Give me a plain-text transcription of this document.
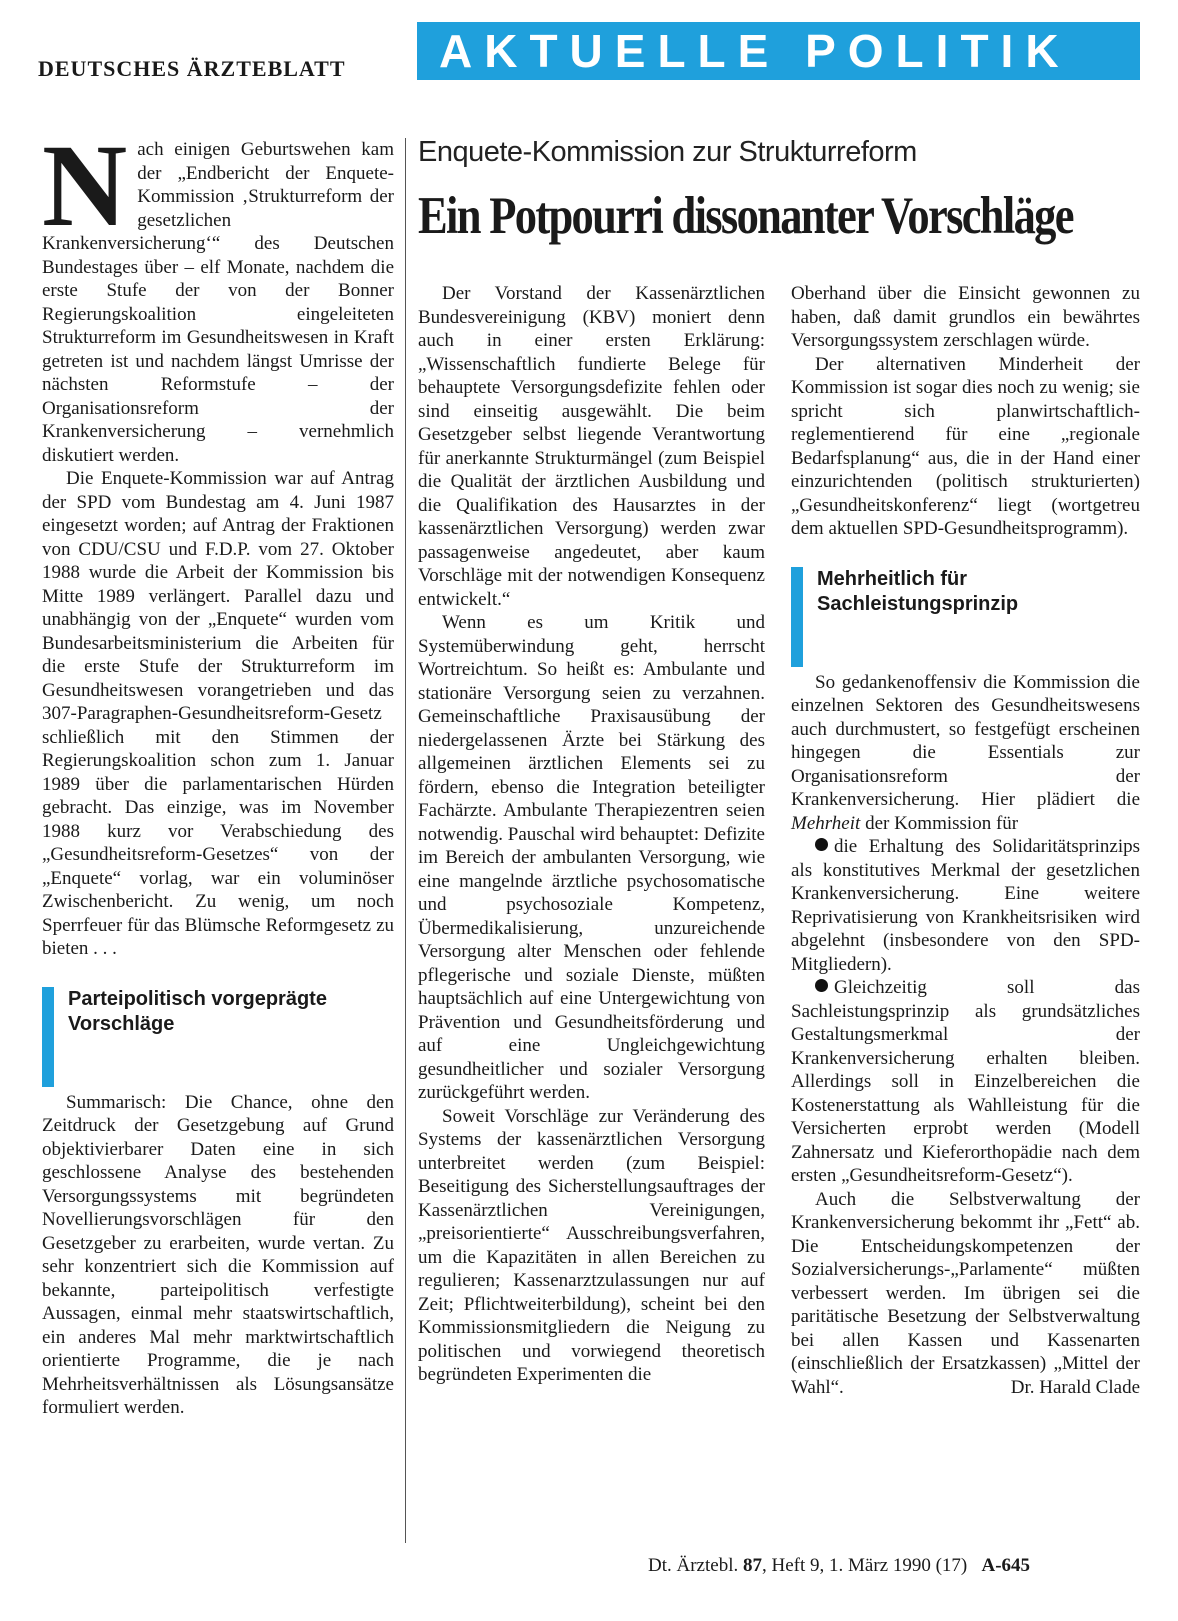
DEUTSCHES ÄRZTEBLATT	AKTUELLE POLITIK
Enquete-Kommission zur Strukturreform
Ein Potpourri dissonanter Vorschläge

Nach einigen Geburtswehen kam der „Endbericht der Enquete-Kommission ‚Strukturreform der gesetzlichen Krankenversicherung‘“ des Deutschen Bundestages über – elf Monate, nachdem die erste Stufe der von der Bonner Regierungskoalition eingeleiteten Strukturreform im Gesundheitswesen in Kraft getreten ist und nachdem längst Umrisse der nächsten Reformstufe – der Organisationsreform der Krankenversicherung – vernehmlich diskutiert werden.

Die Enquete-Kommission war auf Antrag der SPD vom Bundestag am 4. Juni 1987 eingesetzt worden; auf Antrag der Fraktionen von CDU/CSU und F.D.P. vom 27. Oktober 1988 wurde die Arbeit der Kommission bis Mitte 1989 verlängert. Parallel dazu und unabhängig von der „Enquete“ wurden vom Bundesarbeitsministerium die Arbeiten für die erste Stufe der Strukturreform im Gesundheitswesen vorangetrieben und das 307-Paragraphen-Gesundheitsreform-Gesetz schließlich mit den Stimmen der Regierungskoalition schon zum 1. Januar 1989 über die parlamentarischen Hürden gebracht. Das einzige, was im November 1988 kurz vor Verabschiedung des „Gesundheitsreform-Gesetzes“ von der „Enquete“ vorlag, war ein voluminöser Zwischenbericht. Zu wenig, um noch Sperrfeuer für das Blümsche Reformgesetz zu bieten . . .

Parteipolitisch vorgeprägte Vorschläge

Summarisch: Die Chance, ohne den Zeitdruck der Gesetzgebung auf Grund objektivierbarer Daten eine in sich geschlossene Analyse des bestehenden Versorgungssystems mit begründeten Novellierungsvorschlägen für den Gesetzgeber zu erarbeiten, wurde vertan. Zu sehr konzentriert sich die Kommission auf bekannte, parteipolitisch verfestigte Aussagen, einmal mehr staatswirtschaftlich, ein anderes Mal mehr marktwirtschaftlich orientierte Programme, die je nach Mehrheitsverhältnissen als Lösungsansätze formuliert werden.

Der Vorstand der Kassenärztlichen Bundesvereinigung (KBV) moniert denn auch in einer ersten Erklärung: „Wissenschaftlich fundierte Belege für behauptete Versorgungsdefizite fehlen oder sind einseitig ausgewählt. Die beim Gesetzgeber selbst liegende Verantwortung für anerkannte Strukturmängel (zum Beispiel die Qualität der ärztlichen Ausbildung und die Qualifikation des Hausarztes in der kassenärztlichen Versorgung) werden zwar passagenweise angedeutet, aber kaum Vorschläge mit der notwendigen Konsequenz entwickelt.“

Wenn es um Kritik und Systemüberwindung geht, herrscht Wortreichtum. So heißt es: Ambulante und stationäre Versorgung seien zu verzahnen. Gemeinschaftliche Praxisausübung der niedergelassenen Ärzte bei Stärkung des allgemeinen ärztlichen Elements sei zu fördern, ebenso die Integration beteiligter Fachärzte. Ambulante Therapiezentren seien notwendig. Pauschal wird behauptet: Defizite im Bereich der ambulanten Versorgung, wie eine mangelnde ärztliche psychosomatische und psychosoziale Kompetenz, Übermedikalisierung, unzureichende Versorgung alter Menschen oder fehlende pflegerische und soziale Dienste, müßten hauptsächlich auf eine Untergewichtung von Prävention und Gesundheitsförderung und auf eine Ungleichgewichtung gesundheitlicher und sozialer Versorgung zurückgeführt werden.

Soweit Vorschläge zur Veränderung des Systems der kassenärztlichen Versorgung unterbreitet werden (zum Beispiel: Beseitigung des Sicherstellungsauftrages der Kassenärztlichen Vereinigungen, „preisorientierte“ Ausschreibungsverfahren, um die Kapazitäten in allen Bereichen zu regulieren; Kassenarztzulassungen nur auf Zeit; Pflichtweiterbildung), scheint bei den Kommissionsmitgliedern die Neigung zu politischen und vorwiegend theoretisch begründeten Experimenten die

Oberhand über die Einsicht gewonnen zu haben, daß damit grundlos ein bewährtes Versorgungssystem zerschlagen würde.

Der alternativen Minderheit der Kommission ist sogar dies noch zu wenig; sie spricht sich planwirtschaftlich-reglementierend für eine „regionale Bedarfsplanung“ aus, die in der Hand einer einzurichtenden (politisch strukturierten) „Gesundheitskonferenz“ liegt (wortgetreu dem aktuellen SPD-Gesundheitsprogramm).

Mehrheitlich für Sachleistungsprinzip

So gedankenoffensiv die Kommission die einzelnen Sektoren des Gesundheitswesens auch durchmustert, so festgefügt erscheinen hingegen die Essentials zur Organisationsreform der Krankenversicherung. Hier plädiert die Mehrheit der Kommission für

die Erhaltung des Solidaritätsprinzips als konstitutives Merkmal der gesetzlichen Krankenversicherung. Eine weitere Reprivatisierung von Krankheitsrisiken wird abgelehnt (insbesondere von den SPD-Mitgliedern).

Gleichzeitig soll das Sachleistungsprinzip als grundsätzliches Gestaltungsmerkmal der Krankenversicherung erhalten bleiben. Allerdings soll in Einzelbereichen die Kostenerstattung als Wahlleistung für die Versicherten erprobt werden (Modell Zahnersatz und Kieferorthopädie nach dem ersten „Gesundheitsreform-Gesetz“).

Auch die Selbstverwaltung der Krankenversicherung bekommt ihr „Fett“ ab. Die Entscheidungskompetenzen der Sozialversicherungs-„Parlamente“ müßten verbessert werden. Im übrigen sei die paritätische Besetzung der Selbstverwaltung bei allen Kassen und Kassenarten (einschließlich der Ersatzkassen) „Mittel der Wahl“.	Dr. Harald Clade

Dt. Ärztebl. 87, Heft 9, 1. März 1990 (17) A-645
